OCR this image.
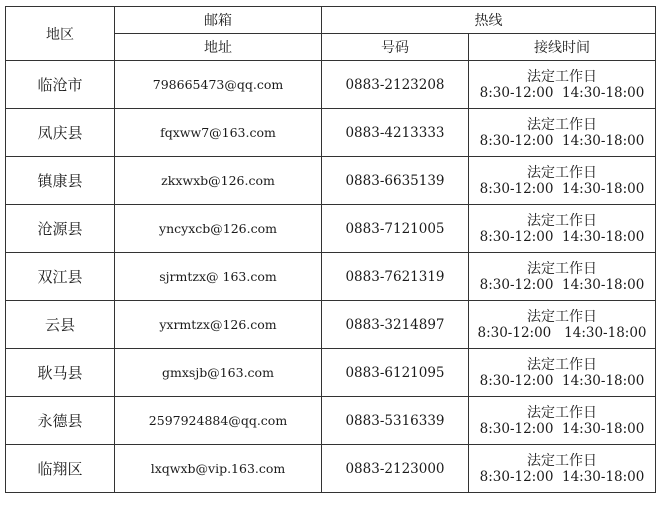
地区	邮箱	热线	
	地址	号码	接线时间
临沧市	798665473@qq.com	0883-2123208	法定工作日
8:30-12:00  14:30-18:00

凤庆县	fqxww7@163.com	0883-4213333	法定工作日
8:30-12:00  14:30-18:00

镇康县	zkxwxb@126.com	0883-6635139	法定工作日
8:30-12:00  14:30-18:00

沧源县	yncyxcb@126.com	0883-7121005	法定工作日
8:30-12:00  14:30-18:00

双江县	sjrmtzx@ 163.com	0883-7621319	法定工作日
8:30-12:00  14:30-18:00

云县	yxrmtzx@126.com	0883-3214897	法定工作日
8:30-12:00   14:30-18:00

耿马县	gmxsjb@163.com	0883-6121095	法定工作日
8:30-12:00  14:30-18:00

永德县	2597924884@qq.com	0883-5316339	法定工作日
8:30-12:00  14:30-18:00

临翔区	lxqwxb@vip.163.com	0883-2123000	法定工作日
8:30-12:00  14:30-18:00
